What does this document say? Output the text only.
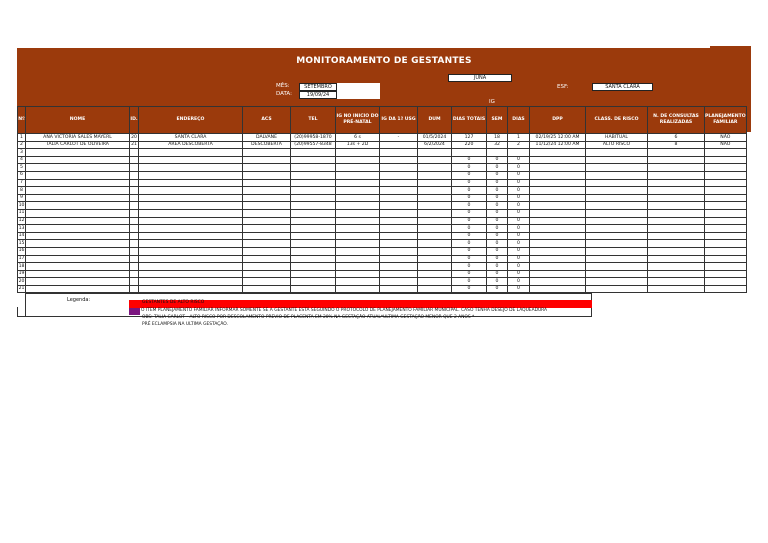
MONITORAMENTO DE GESTANTES
MÊS:	SETEMBRO
DATA:	19/09/24
JUNA
ESF:	SANTA CLARA
IG
Nº	NOME	ID.	ENDEREÇO	ACS	TEL	IG NO INICIO DO PRÉ-NATAL	IG DA 1ª USG	DUM	DIAS TOTAIS	SEM	DIAS	DPP	CLASS. DE RISCO	N. DE CONSULTAS REALIZADAS	PLANEJAMENTO FAMILIAR
1	ANA VICTORIA SALES MAYERL	20	SANTA CLARA	DALVANE	(20)99958-1870	6 s	-	01/5/2024	127	18	1	02/19/25 12:00 AM	HABITUAL	6	NÃO
2	TALIA CARLOT DE OLIVEIRA	21	AREA DESCOBERTA	DESCOBERTA	(20)99557-8348	13s + 2D		6/2/2024	220	32	2	11/12/24 12:00 AM	ALTO RISCO	8	NÃO
3															
4									0	0	0				
5									0	0	0				
6									0	0	0				
7									0	0	0				
8									0	0	0				
9									0	0	0				
10									0	0	0				
11									0	0	0				
12									0	0	0				
13									0	0	0				
14									0	0	0				
15									0	0	0				
16									0	0	0				
17									0	0	0				
18									0	0	0				
19									0	0	0				
20									0	0	0				
21									0	0	0				
Legenda:	GESTANTES DE ALTO RISCO
O ITEM PLANEJAMENTO FAMILIAR INFORMAR SOMENTE SE A GESTANTE ESTÁ SEGUINDO O PROTOCOLO DE PLANEJAMENTO FAMILIAR MUNICIPAL. CASO TENHA DESEJO DE LAQUEADURA
OBS: TALIA CARLOT - ALTO RISCO POR DESCOLAMENTO PREVIO DE PLACENTA EM 20% NA GESTAÇÃO ATUAL*ULTIMA GESTAÇÃO MENOR QUE 2 ANOS *
PRÉ ECLAMPSIA NA ULTIMA GESTAÇÃO.
